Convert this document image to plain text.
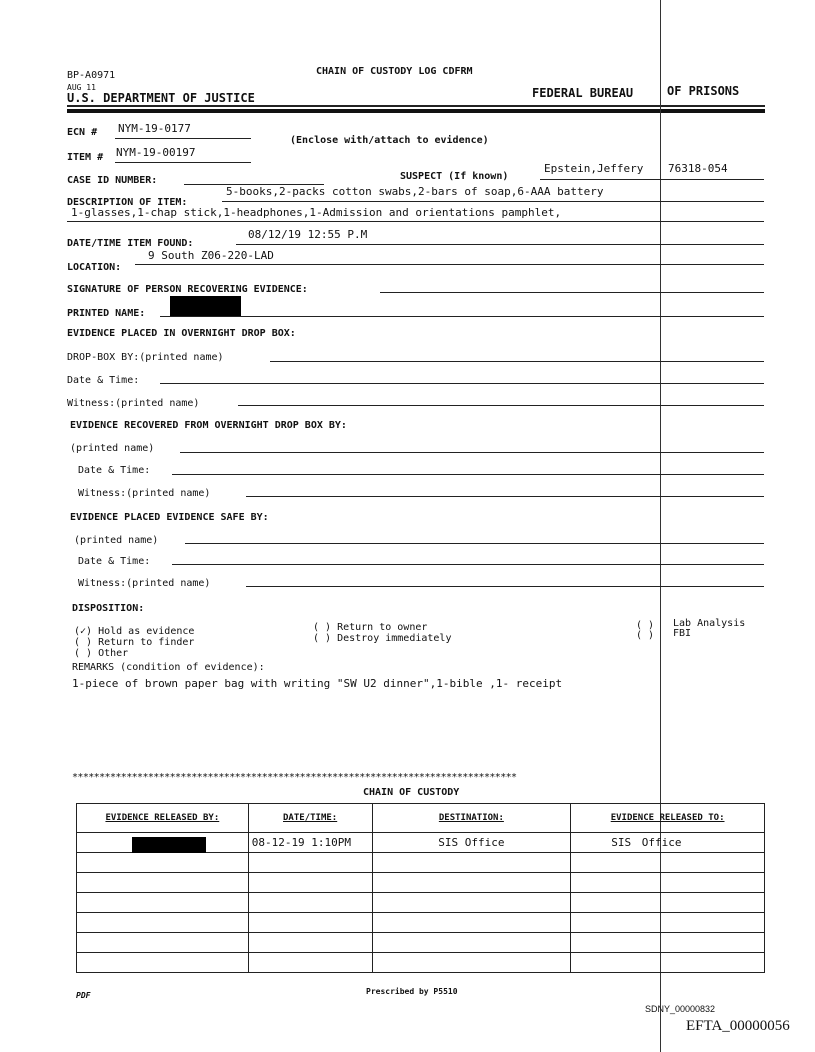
BP-A0971
AUG 11
CHAIN OF CUSTODY LOG CDFRM
U.S. DEPARTMENT OF JUSTICE	FEDERAL BUREAU	OF PRISONS
ECN # NYM-19-0177
(Enclose with/attach to evidence)
ITEM # NYM-19-00197
CASE ID NUMBER:	SUSPECT (If known)
Epstein,Jeffery 76318-054
DESCRIPTION OF ITEM:
5-books,2-packs cotton swabs,2-bars of soap,6-AAA battery
1-glasses,1-chap stick,1-headphones,1-Admission and orientations pamphlet,
08/12/19 12:55 P.M
DATE/TIME ITEM FOUND:
9 South Z06-220-LAD
LOCATION:
SIGNATURE OF PERSON RECOVERING EVIDENCE:
PRINTED NAME:
EVIDENCE PLACED IN OVERNIGHT DROP BOX:
DROP-BOX BY:(printed name)
Date & Time:
Witness:(printed name)
EVIDENCE RECOVERED FROM OVERNIGHT DROP BOX BY:
(printed name)
Date & Time:
Witness:(printed name)
EVIDENCE PLACED EVIDENCE SAFE BY:
(printed name)
Date & Time:
Witness:(printed name)
DISPOSITION:
(✓) Hold as evidence
( ) Return to finder
( ) Other
( ) Return to owner
( ) Destroy immediately
( )
( )
Lab Analysis
FBI
REMARKS (condition of evidence):
1-piece of brown paper bag with writing "SW U2 dinner",1-bible ,1- receipt
**********************************************************************************
CHAIN OF CUSTODY
EVIDENCE RELEASED BY:	DATE/TIME:	DESTINATION:	EVIDENCE RELEASED TO:

	08-12-19 1:10PM	SIS Office	SIS Office

PDF	Prescribed by P5510
SDNY_00000832
EFTA_00000056
